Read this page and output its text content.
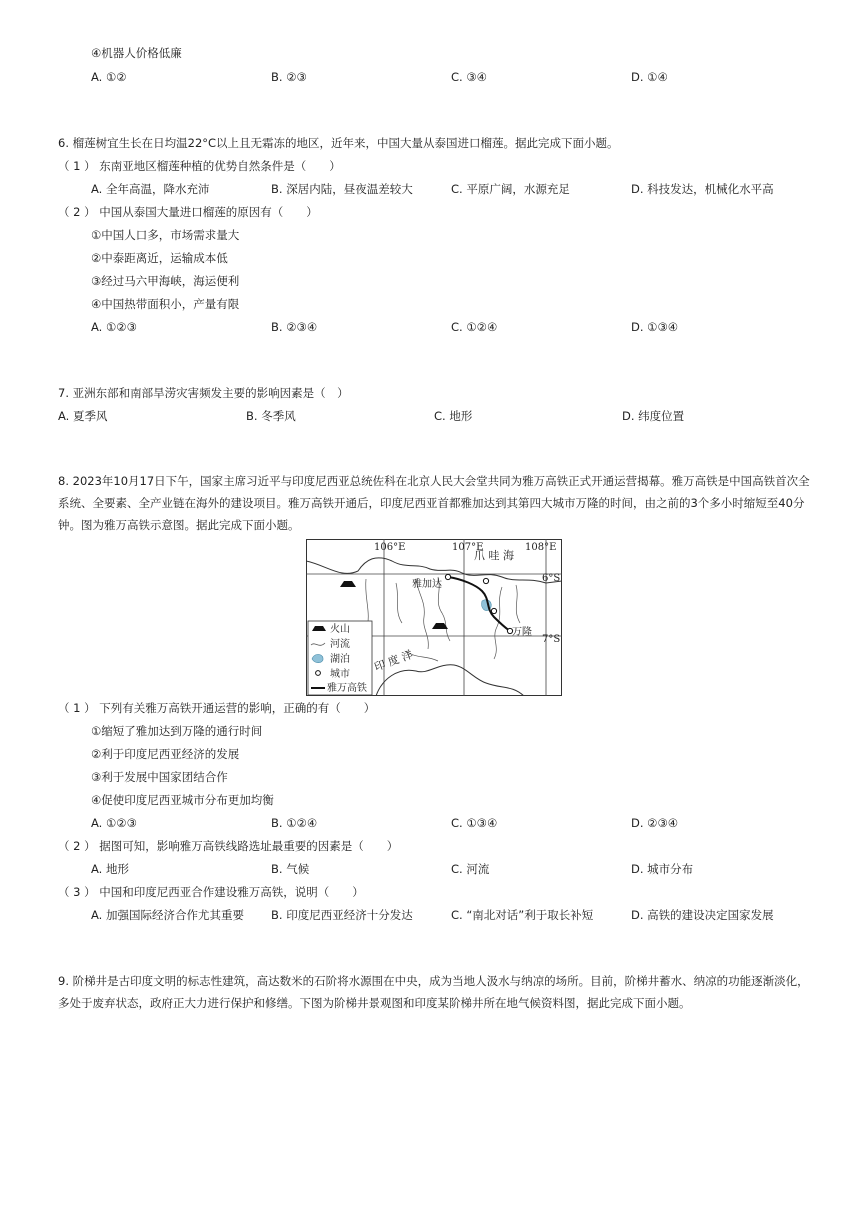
④机器人价格低廉
A. ①②	B. ②③	C. ③④	D. ①④
6. 榴莲树宜生长在日均温22°C以上且无霜冻的地区，近年来，中国大量从泰国进口榴莲。据此完成下面小题。
（ 1 ） 东南亚地区榴莲种植的优势自然条件是（　　）
A. 全年高温，降水充沛	B. 深居内陆，昼夜温差较大	C. 平原广阔，水源充足	D. 科技发达，机械化水平高
（ 2 ） 中国从泰国大量进口榴莲的原因有（　　）
①中国人口多，市场需求量大
②中泰距离近，运输成本低
③经过马六甲海峡，海运便利
④中国热带面积小，产量有限
A. ①②③	B. ②③④	C. ①②④	D. ①③④
7. 亚洲东部和南部旱涝灾害频发主要的影响因素是（　）
A. 夏季风	B. 冬季风	C. 地形	D. 纬度位置
8. 2023年10月17日下午，国家主席习近平与印度尼西亚总统佐科在北京人民大会堂共同为雅万高铁正式开通运营揭幕。雅万高铁是中国高铁首次全系统、全要素、全产业链在海外的建设项目。雅万高铁开通后，印度尼西亚首都雅加达到其第四大城市万隆的时间，由之前的3个多小时缩短至40分钟。图为雅万高铁示意图。据此完成下面小题。
106°E	107°E	108°E
6°S
7°S
爪 哇 海
雅加达
万隆
印 度 洋
火山
河流
湖泊
城市
雅万高铁
（ 1 ） 下列有关雅万高铁开通运营的影响，正确的有（　　）
①缩短了雅加达到万隆的通行时间
②利于印度尼西亚经济的发展
③利于发展中国家团结合作
④促使印度尼西亚城市分布更加均衡
A. ①②③	B. ①②④	C. ①③④	D. ②③④
（ 2 ） 据图可知，影响雅万高铁线路选址最重要的因素是（　　）
A. 地形	B. 气候	C. 河流	D. 城市分布
（ 3 ） 中国和印度尼西亚合作建设雅万高铁，说明（　　）
A. 加强国际经济合作尤其重要 B. 印度尼西亚经济十分发达	C. “南北对话”利于取长补短	D. 高铁的建设决定国家发展
9. 阶梯井是古印度文明的标志性建筑，高达数米的石阶将水源围在中央，成为当地人汲水与纳凉的场所。目前，阶梯井蓄水、纳凉的功能逐渐淡化，多处于废弃状态，政府正大力进行保护和修缮。下图为阶梯井景观图和印度某阶梯井所在地气候资料图，据此完成下面小题。
